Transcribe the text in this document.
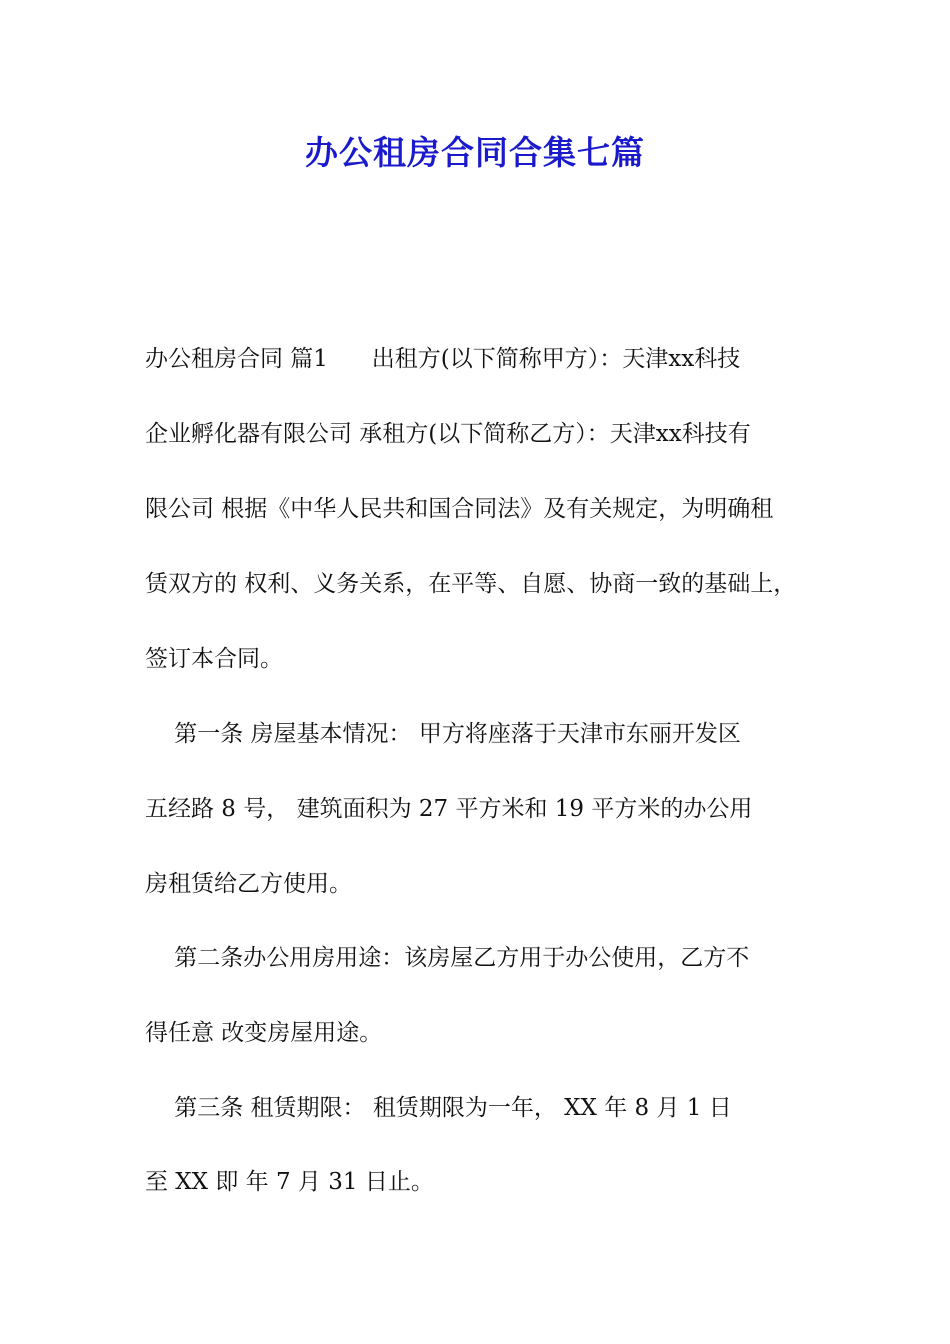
办公租房合同合集七篇

办公租房合同 篇1      出租方(以下简称甲方）：天津xx科技

企业孵化器有限公司 承租方(以下简称乙方）：天津xx科技有

限公司 根据《中华人民共和国合同法》及有关规定，为明确租

赁双方的 权利、义务关系，在平等、自愿、协商一致的基础上，

签订本合同。

第一条 房屋基本情况： 甲方将座落于天津市东丽开发区

五经路 8 号， 建筑面积为 27 平方米和 19 平方米的办公用

房租赁给乙方使用。

第二条办公用房用途：该房屋乙方用于办公使用，乙方不

得任意 改变房屋用途。

第三条 租赁期限： 租赁期限为一年， XX 年 8 月 1 日

至 XX 即 年 7 月 31 日止。
